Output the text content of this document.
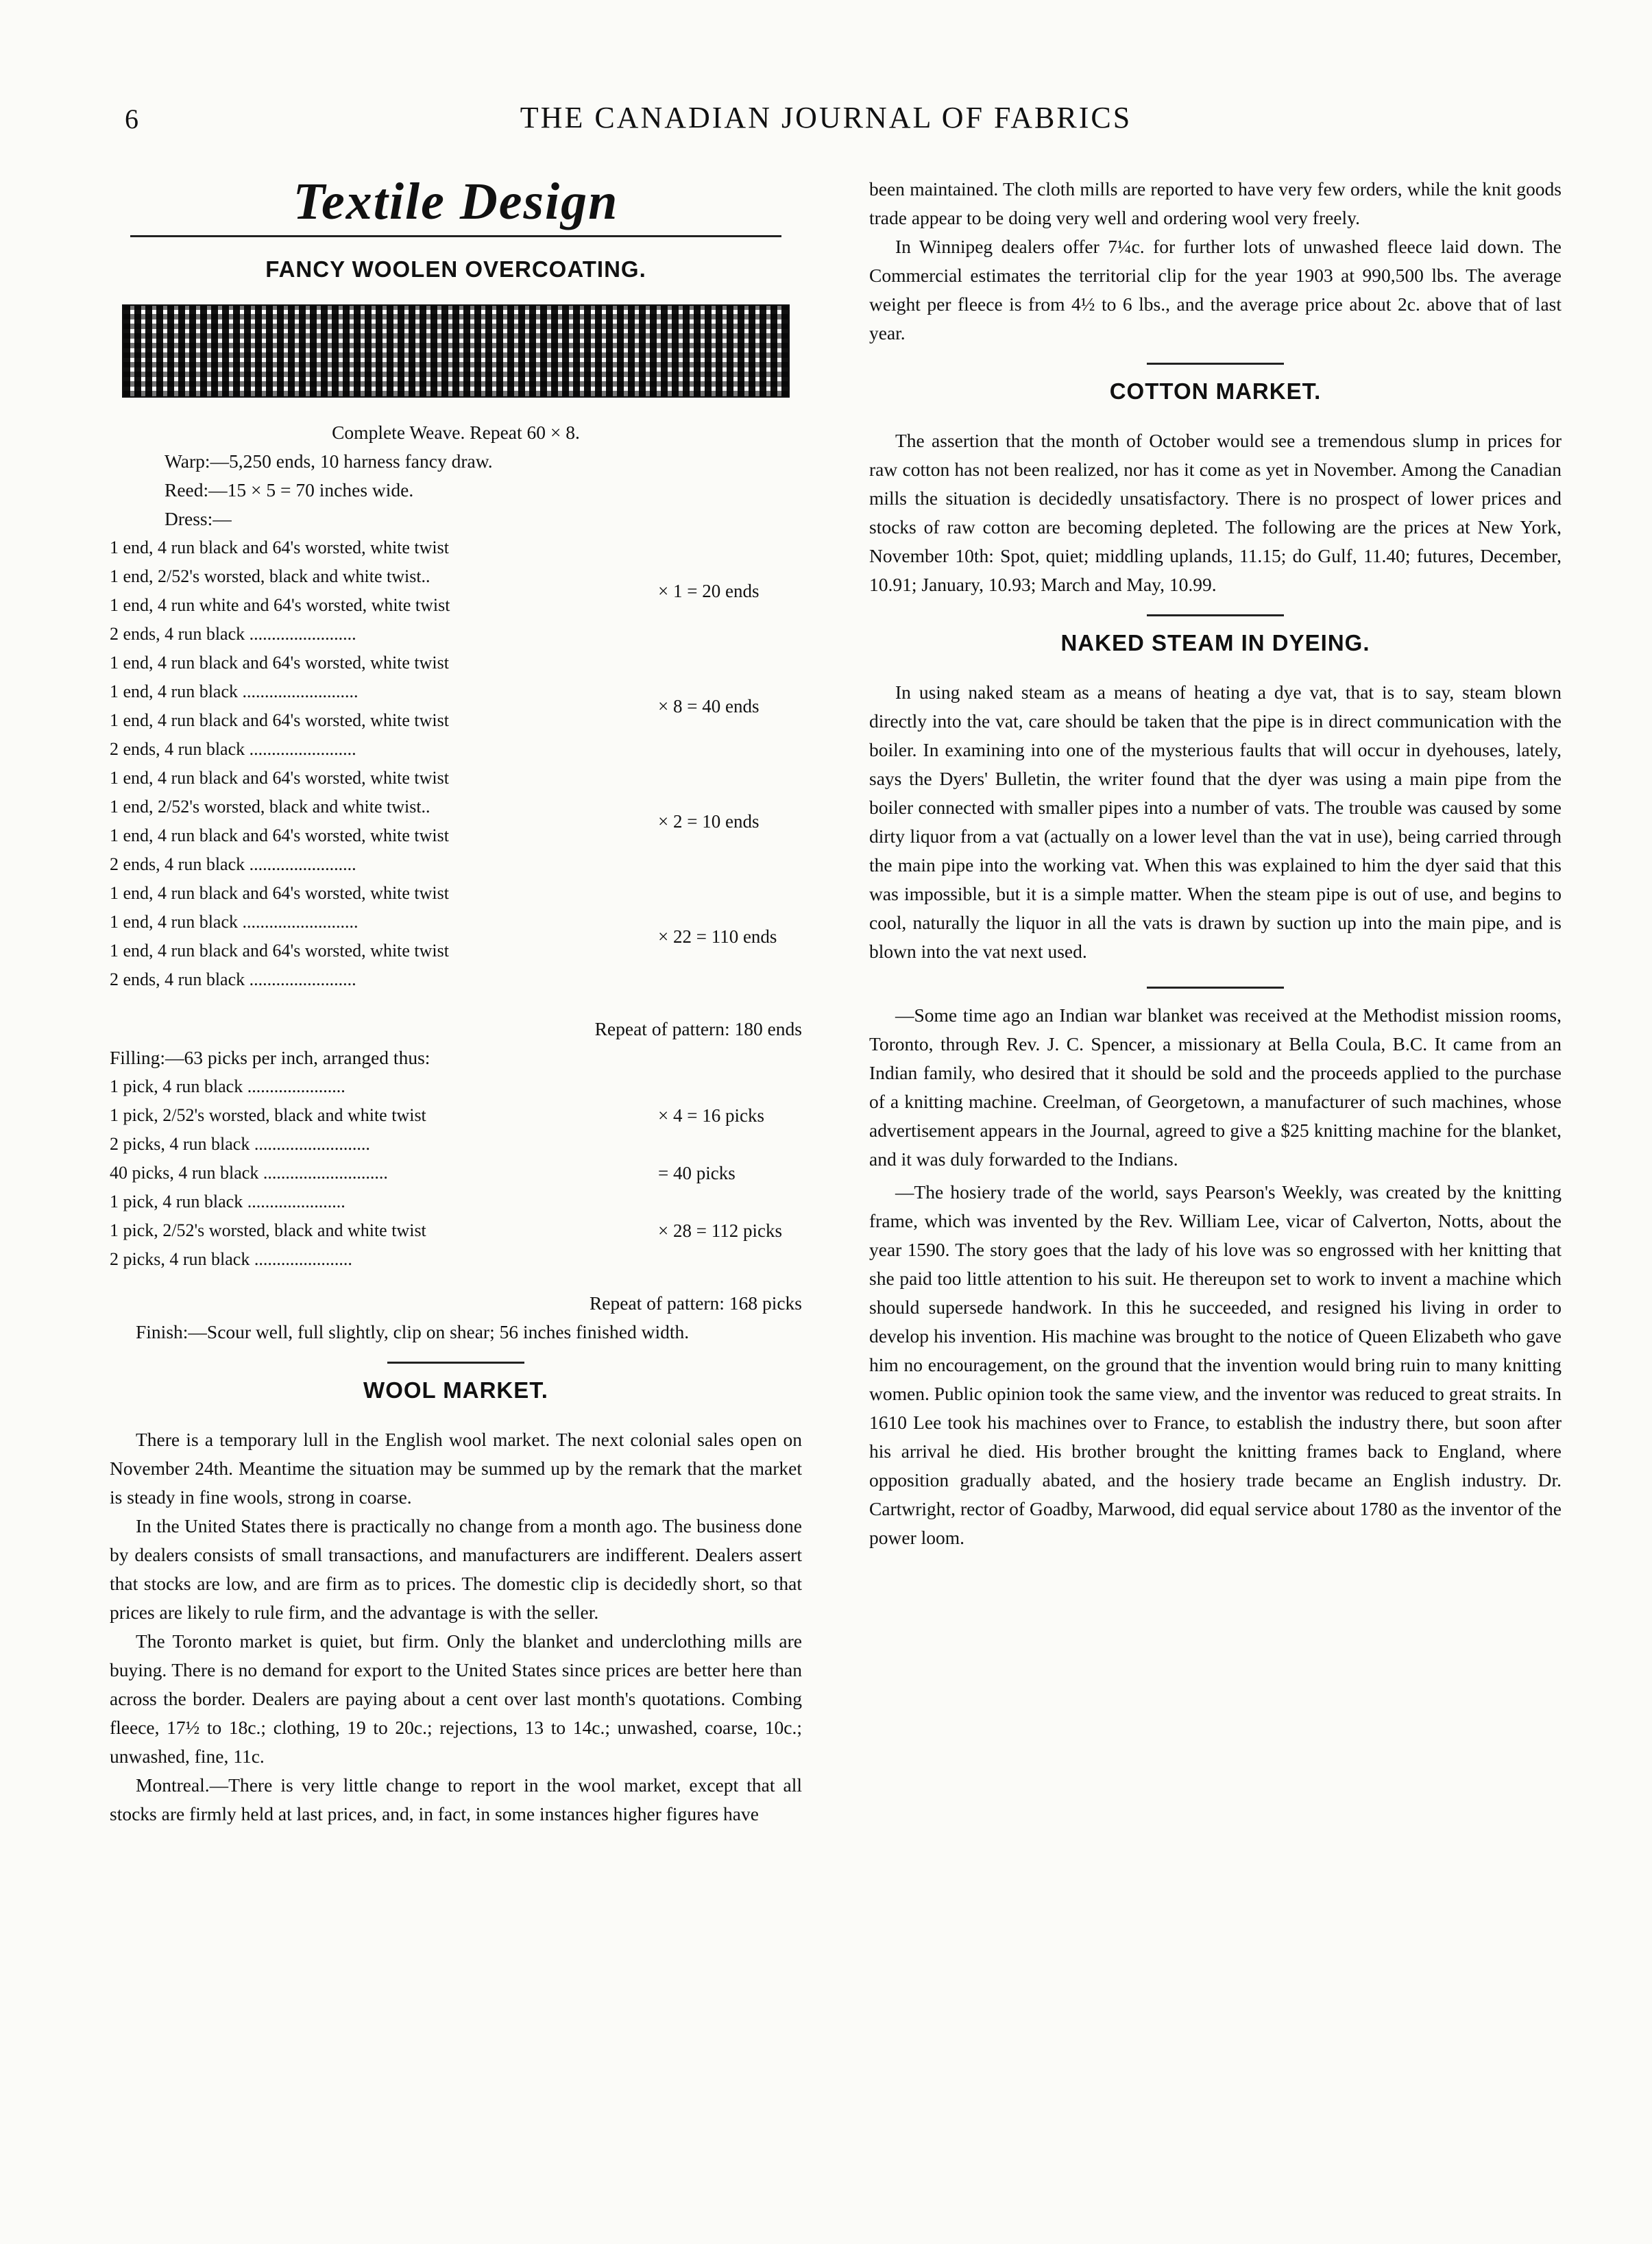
6	THE CANADIAN JOURNAL OF FABRICS
Textile Design
FANCY WOOLEN OVERCOATING.
Complete Weave. Repeat 60 × 8.
Warp:—5,250 ends, 10 harness fancy draw.
Reed:—15 × 5 = 70 inches wide.
Dress:—
1 end, 4 run black and 64's worsted, white twist
1 end, 2/52's worsted, black and white twist..
1 end, 4 run white and 64's worsted, white twist
2 ends, 4 run black ........................
× 1 = 20 ends
1 end, 4 run black and 64's worsted, white twist
1 end, 4 run black ..........................
1 end, 4 run black and 64's worsted, white twist
2 ends, 4 run black ........................
× 8 = 40 ends
1 end, 4 run black and 64's worsted, white twist
1 end, 2/52's worsted, black and white twist..
1 end, 4 run black and 64's worsted, white twist
2 ends, 4 run black ........................
× 2 = 10 ends
1 end, 4 run black and 64's worsted, white twist
1 end, 4 run black ..........................
1 end, 4 run black and 64's worsted, white twist
2 ends, 4 run black ........................
× 22 = 110 ends
Repeat of pattern: 180 ends
Filling:—63 picks per inch, arranged thus:
1 pick, 4 run black ......................
1 pick, 2/52's worsted, black and white twist
2 picks, 4 run black ..........................
× 4 = 16 picks
40 picks, 4 run black ............................	= 40 picks
1 pick, 4 run black ......................
1 pick, 2/52's worsted, black and white twist
2 picks, 4 run black ......................
× 28 = 112 picks
Repeat of pattern: 168 picks

Finish:—Scour well, full slightly, clip on shear; 56 inches finished width.

WOOL MARKET.

There is a temporary lull in the English wool market. The next colonial sales open on November 24th. Meantime the situation may be summed up by the remark that the market is steady in fine wools, strong in coarse.

In the United States there is practically no change from a month ago. The business done by dealers consists of small transactions, and manufacturers are indifferent. Dealers assert that stocks are low, and are firm as to prices. The domestic clip is decidedly short, so that prices are likely to rule firm, and the advantage is with the seller.

The Toronto market is quiet, but firm. Only the blanket and underclothing mills are buying. There is no demand for export to the United States since prices are better here than across the border. Dealers are paying about a cent over last month's quotations. Combing fleece, 17½ to 18c.; clothing, 19 to 20c.; rejections, 13 to 14c.; unwashed, coarse, 10c.; unwashed, fine, 11c.

Montreal.—There is very little change to report in the wool market, except that all stocks are firmly held at last prices, and, in fact, in some instances higher figures have

been maintained. The cloth mills are reported to have very few orders, while the knit goods trade appear to be doing very well and ordering wool very freely.

In Winnipeg dealers offer 7¼c. for further lots of unwashed fleece laid down. The Commercial estimates the territorial clip for the year 1903 at 990,500 lbs. The average weight per fleece is from 4½ to 6 lbs., and the average price about 2c. above that of last year.

COTTON MARKET.

The assertion that the month of October would see a tremendous slump in prices for raw cotton has not been realized, nor has it come as yet in November. Among the Canadian mills the situation is decidedly unsatisfactory. There is no prospect of lower prices and stocks of raw cotton are becoming depleted. The following are the prices at New York, November 10th: Spot, quiet; middling uplands, 11.15; do Gulf, 11.40; futures, December, 10.91; January, 10.93; March and May, 10.99.

NAKED STEAM IN DYEING.

In using naked steam as a means of heating a dye vat, that is to say, steam blown directly into the vat, care should be taken that the pipe is in direct communication with the boiler. In examining into one of the mysterious faults that will occur in dyehouses, lately, says the Dyers' Bulletin, the writer found that the dyer was using a main pipe from the boiler connected with smaller pipes into a number of vats. The trouble was caused by some dirty liquor from a vat (actually on a lower level than the vat in use), being carried through the main pipe into the working vat. When this was explained to him the dyer said that this was impossible, but it is a simple matter. When the steam pipe is out of use, and begins to cool, naturally the liquor in all the vats is drawn by suction up into the main pipe, and is blown into the vat next used.

—Some time ago an Indian war blanket was received at the Methodist mission rooms, Toronto, through Rev. J. C. Spencer, a missionary at Bella Coula, B.C. It came from an Indian family, who desired that it should be sold and the proceeds applied to the purchase of a knitting machine. Creelman, of Georgetown, a manufacturer of such machines, whose advertisement appears in the Journal, agreed to give a $25 knitting machine for the blanket, and it was duly forwarded to the Indians.

—The hosiery trade of the world, says Pearson's Weekly, was created by the knitting frame, which was invented by the Rev. William Lee, vicar of Calverton, Notts, about the year 1590. The story goes that the lady of his love was so engrossed with her knitting that she paid too little attention to his suit. He thereupon set to work to invent a machine which should supersede handwork. In this he succeeded, and resigned his living in order to develop his invention. His machine was brought to the notice of Queen Elizabeth who gave him no encouragement, on the ground that the invention would bring ruin to many knitting women. Public opinion took the same view, and the inventor was reduced to great straits. In 1610 Lee took his machines over to France, to establish the industry there, but soon after his arrival he died. His brother brought the knitting frames back to England, where opposition gradually abated, and the hosiery trade became an English industry. Dr. Cartwright, rector of Goadby, Marwood, did equal service about 1780 as the inventor of the power loom.
